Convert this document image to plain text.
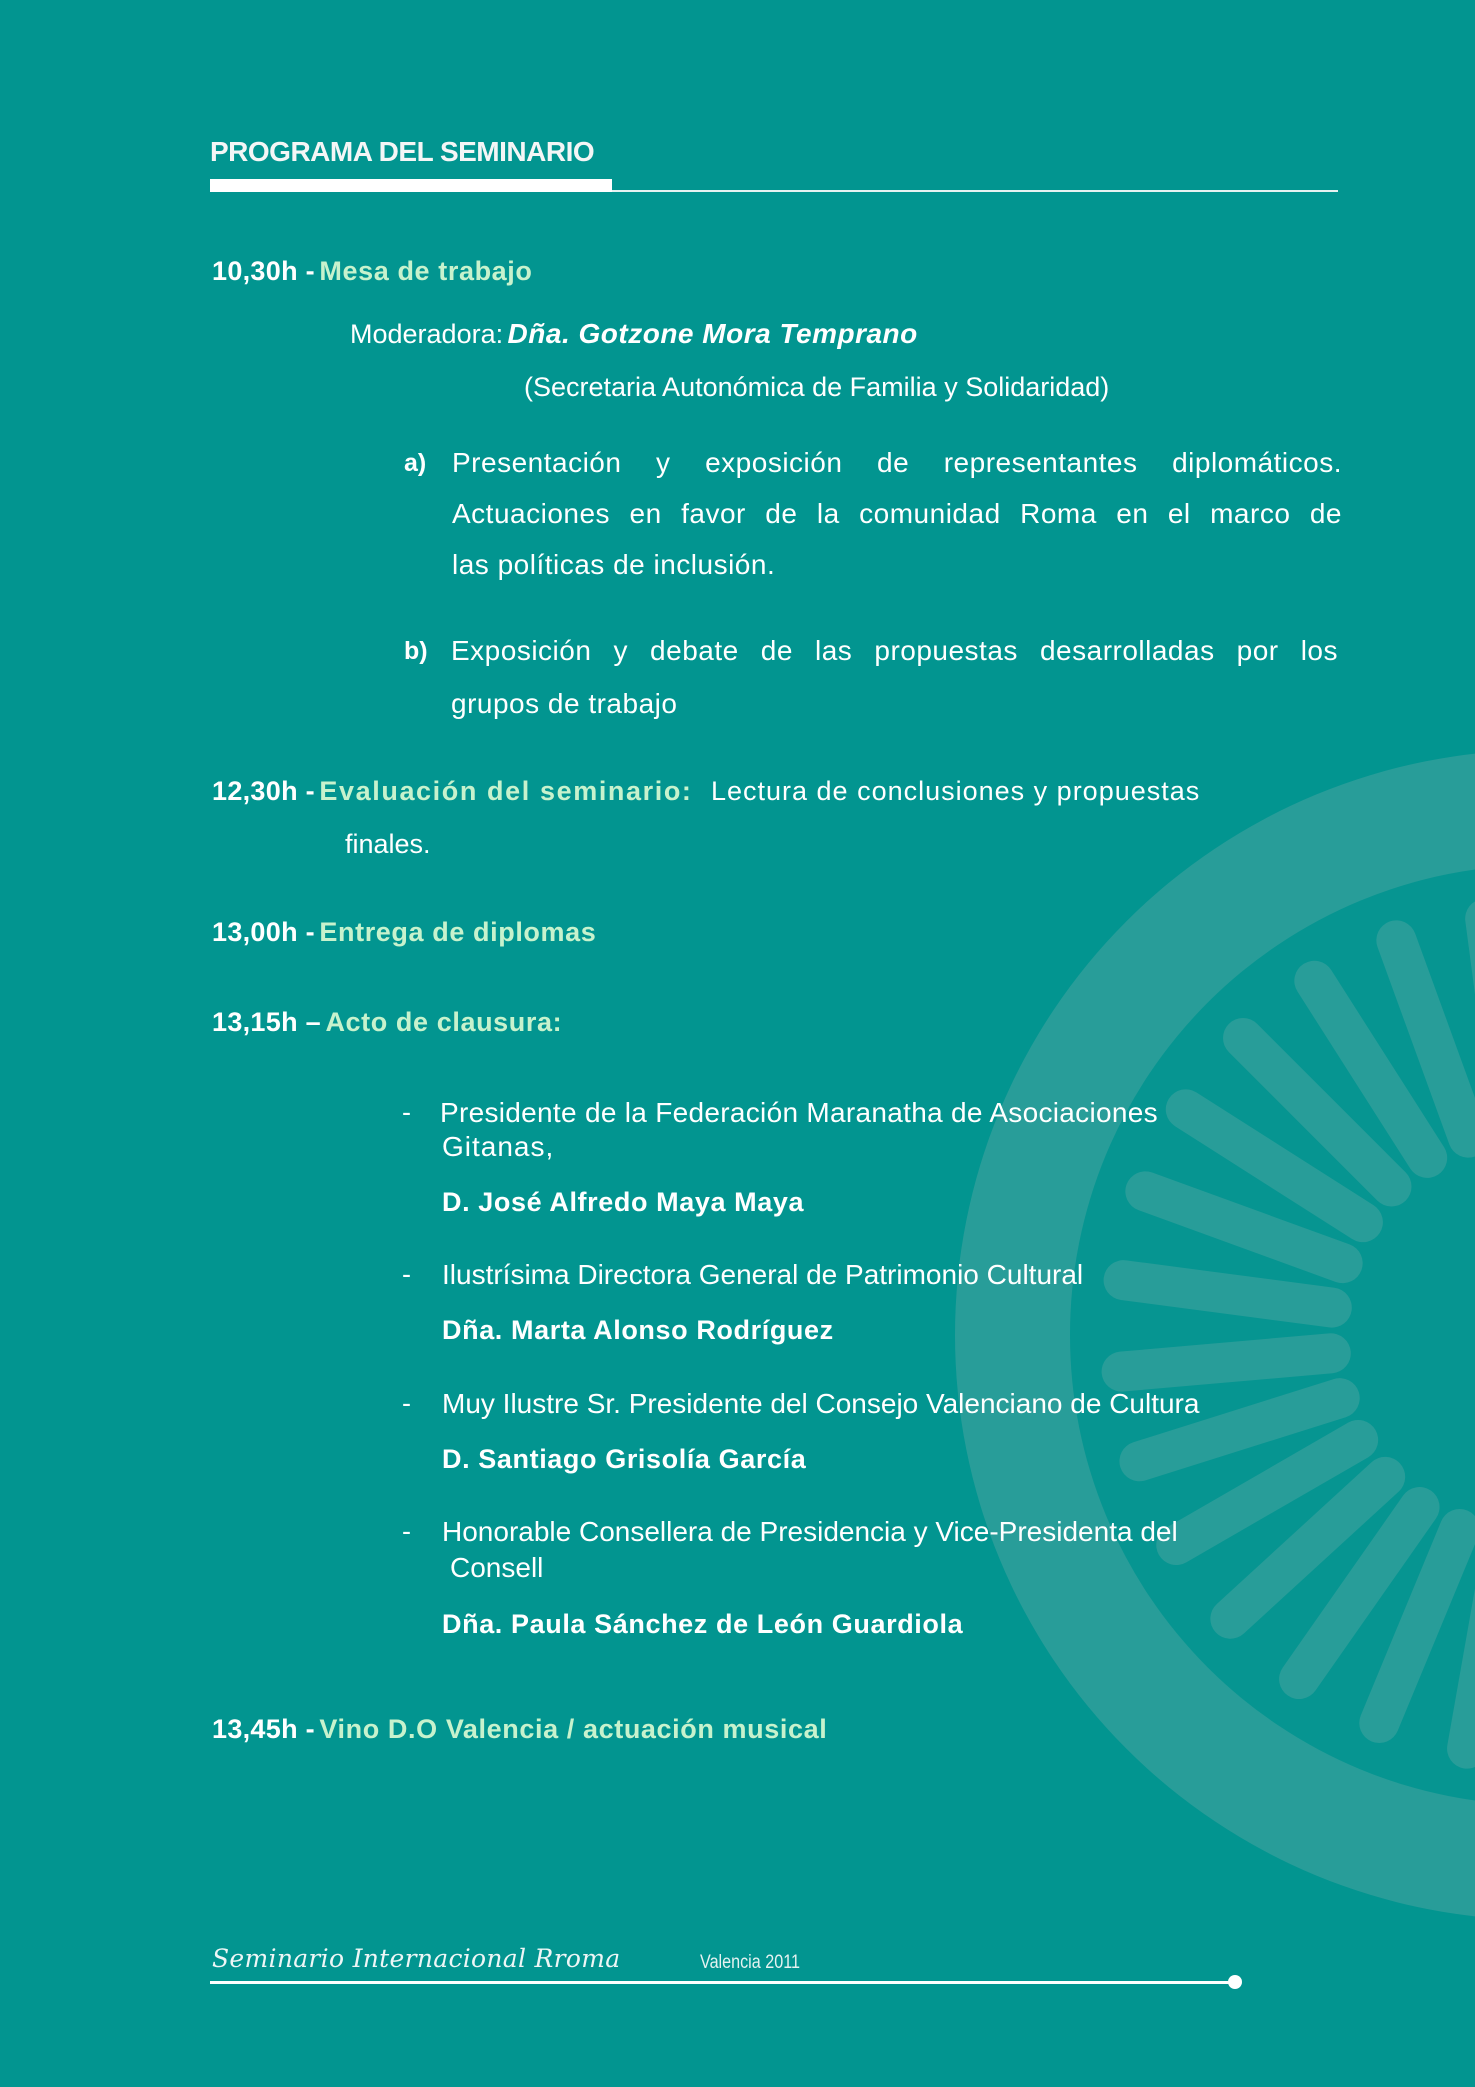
PROGRAMA DEL SEMINARIO
10,30h - Mesa de trabajo
Moderadora: Dña. Gotzone Mora Temprano
(Secretaria Autonómica de Familia y Solidaridad)
a) Presentación y exposición de representantes diplomáticos.
Actuaciones en favor de la comunidad Roma en el marco de
las políticas de inclusión.
b) Exposición y debate de las propuestas desarrolladas por los
grupos de trabajo
12,30h - Evaluación del seminario: Lectura de conclusiones y propuestas
finales.
13,00h - Entrega de diplomas
13,15h – Acto de clausura:
- Presidente de la Federación Maranatha de Asociaciones
Gitanas,
D. José Alfredo Maya Maya
- Ilustrísima Directora General de Patrimonio Cultural
Dña. Marta Alonso Rodríguez
- Muy Ilustre Sr. Presidente del Consejo Valenciano de Cultura
D. Santiago Grisolía García
- Honorable Consellera de Presidencia y Vice-Presidenta del
Consell
Dña. Paula Sánchez de León Guardiola
13,45h - Vino D.O Valencia / actuación musical
Seminario Internacional Rroma	Valencia 2011
